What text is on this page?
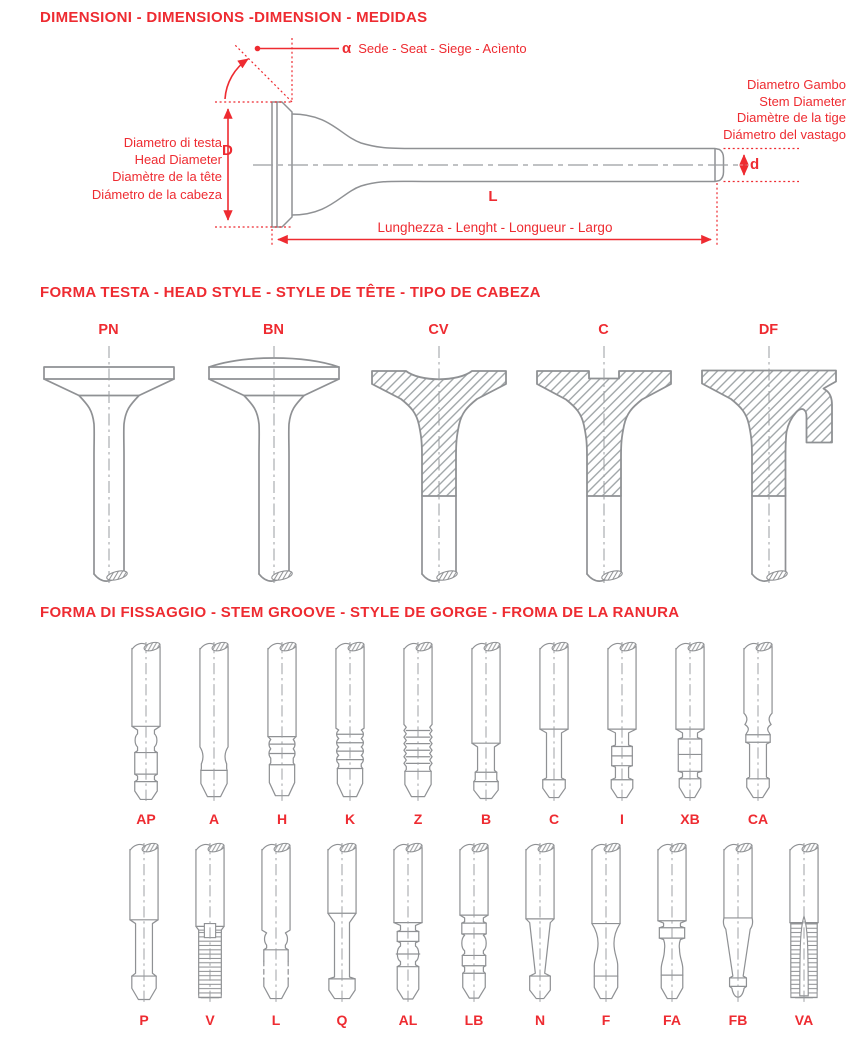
DIMENSIONI - DIMENSIONS -DIMENSION - MEDIDAS
α Sede - Seat - Siege - Acìento
Diametro Gambo
Stem Diameter
Diamètre de la tige
Diámetro del vastago
Diametro di testa
Head Diameter
Diamètre de la tête
Diámetro de la cabeza
D
d
L
Lunghezza - Lenght - Longueur - Largo
FORMA TESTA - HEAD STYLE - STYLE DE TÊTE - TIPO DE CABEZA
PN	BN	CV	C	DF
FORMA DI FISSAGGIO - STEM GROOVE - STYLE DE GORGE - FROMA DE LA RANURA
AP	A	H	K	Z	B	C	I	XB	CA
P	V	L	Q	AL	LB	N	F	FA	FB	VA
